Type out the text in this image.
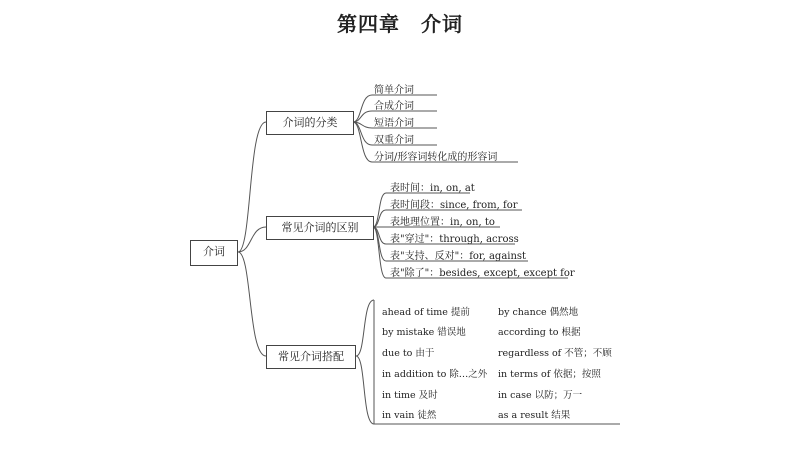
第四章　介词
介词
介词的分类
简单介词
合成介词
短语介词
双重介词
分词/形容词转化成的形容词
常见介词的区别
表时间：in, on, at
表时间段：since, from, for
表地理位置：in, on, to
表"穿过"：through, across
表"支持、反对"：for, against
表"除了"：besides, except, except for
常见介词搭配
ahead of time 提前	by chance 偶然地
by mistake 错误地	according to 根据
due to 由于	regardless of 不管；不顾
in addition to 除…之外 in terms of 依据；按照
in time 及时	in case 以防；万一
in vain 徒然	as a result 结果
